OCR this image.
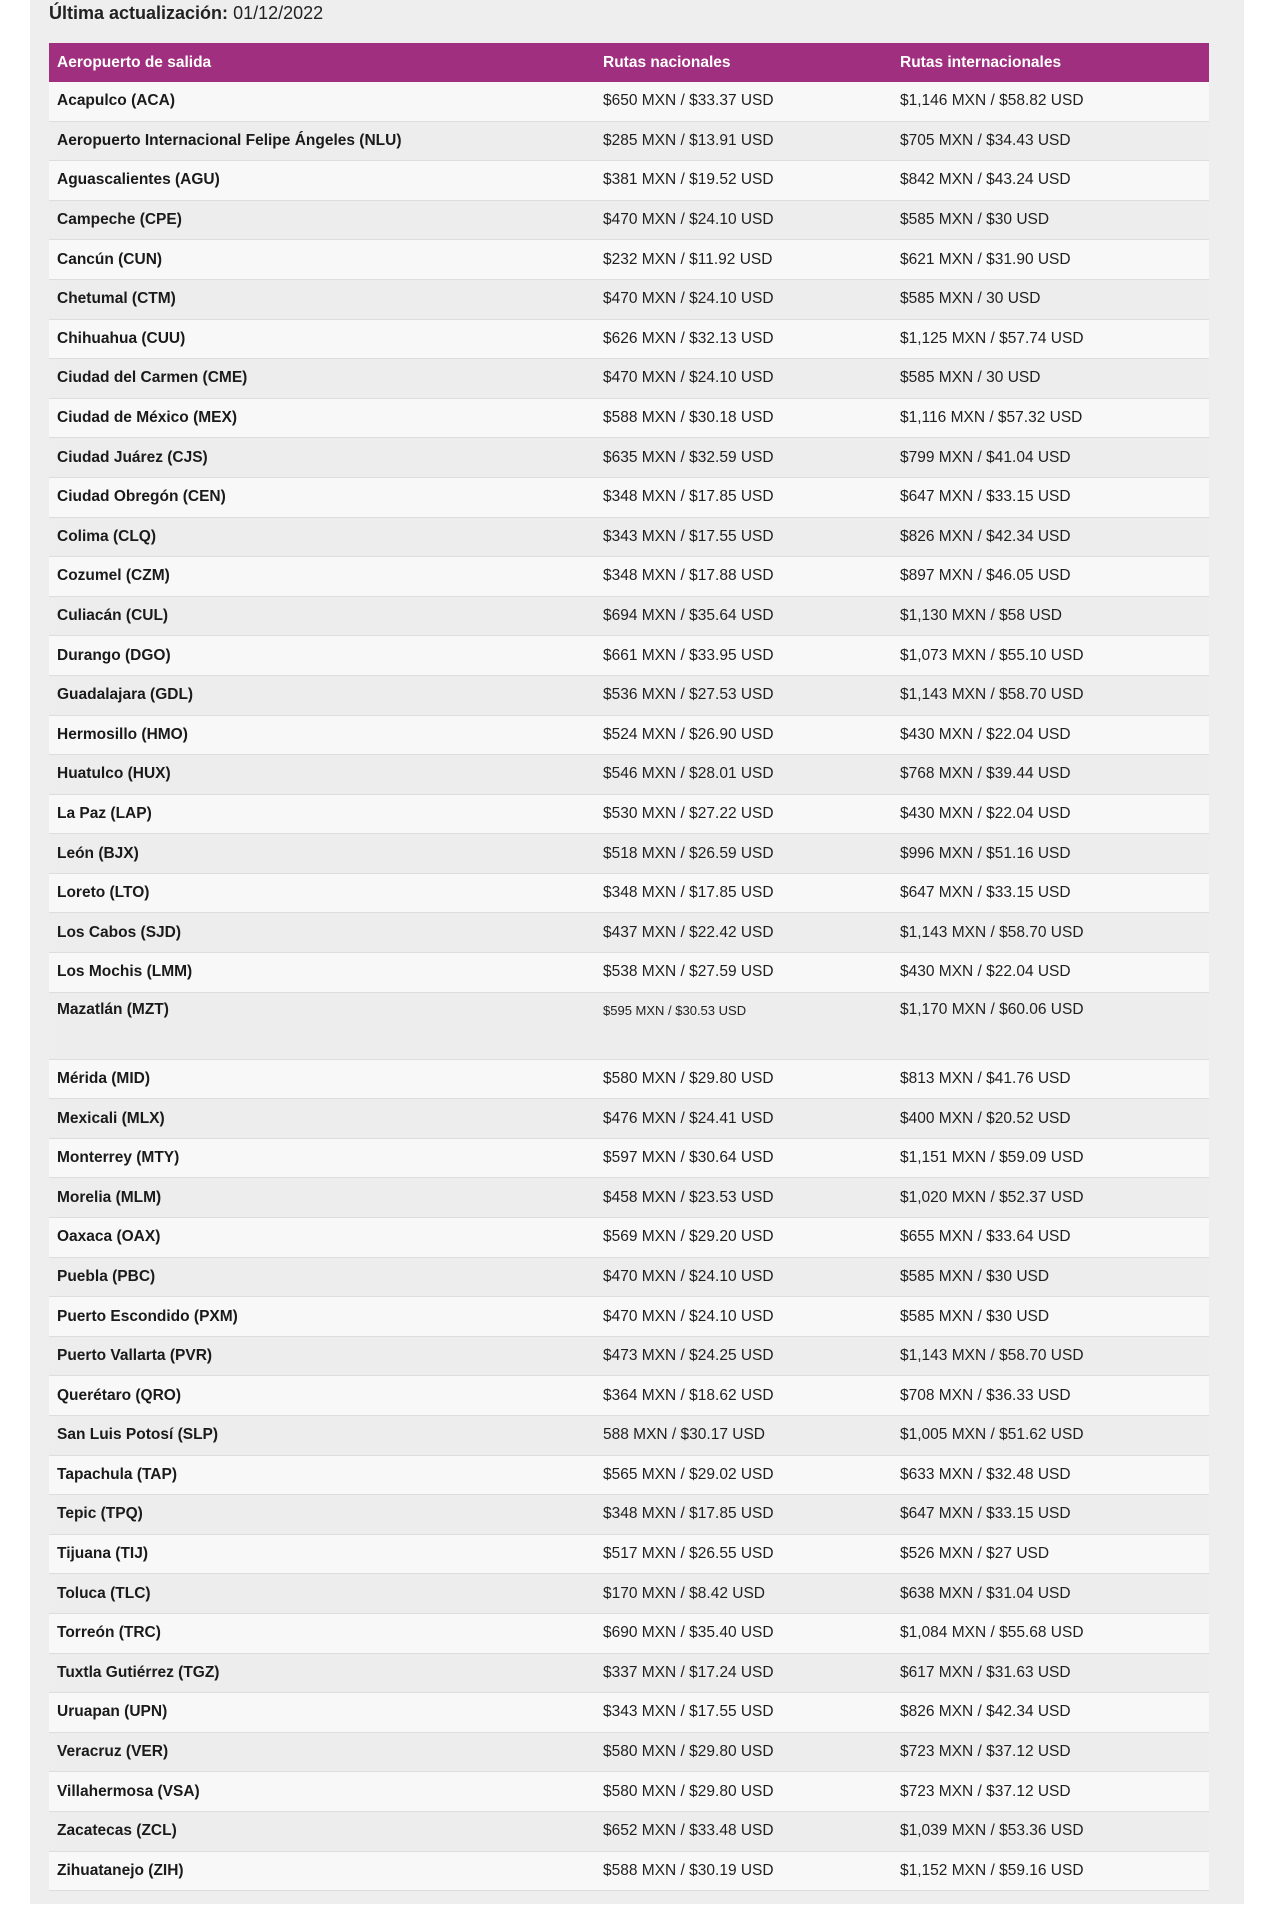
Última actualización: 01/12/2022
Aeropuerto de salida	Rutas nacionales	Rutas internacionales
Acapulco (ACA)	$650 MXN / $33.37 USD	$1,146 MXN / $58.82 USD
Aeropuerto Internacional Felipe Ángeles (NLU)	$285 MXN / $13.91 USD	$705 MXN / $34.43 USD
Aguascalientes (AGU)	$381 MXN / $19.52 USD	$842 MXN / $43.24 USD
Campeche (CPE)	$470 MXN / $24.10 USD	$585 MXN / $30 USD
Cancún (CUN)	$232 MXN / $11.92 USD	$621 MXN / $31.90 USD
Chetumal (CTM)	$470 MXN / $24.10 USD	$585 MXN / 30 USD
Chihuahua (CUU)	$626 MXN / $32.13 USD	$1,125 MXN / $57.74 USD
Ciudad del Carmen (CME)	$470 MXN / $24.10 USD	$585 MXN / 30 USD
Ciudad de México (MEX)	$588 MXN / $30.18 USD	$1,116 MXN / $57.32 USD
Ciudad Juárez (CJS)	$635 MXN / $32.59 USD	$799 MXN / $41.04 USD
Ciudad Obregón (CEN)	$348 MXN / $17.85 USD	$647 MXN / $33.15 USD
Colima (CLQ)	$343 MXN / $17.55 USD	$826 MXN / $42.34 USD
Cozumel (CZM)	$348 MXN / $17.88 USD	$897 MXN / $46.05 USD
Culiacán (CUL)	$694 MXN / $35.64 USD	$1,130 MXN / $58 USD
Durango (DGO)	$661 MXN / $33.95 USD	$1,073 MXN / $55.10 USD
Guadalajara (GDL)	$536 MXN / $27.53 USD	$1,143 MXN / $58.70 USD
Hermosillo (HMO)	$524 MXN / $26.90 USD	$430 MXN / $22.04 USD
Huatulco (HUX)	$546 MXN / $28.01 USD	$768 MXN / $39.44 USD
La Paz (LAP)	$530 MXN / $27.22 USD	$430 MXN / $22.04 USD
León (BJX)	$518 MXN / $26.59 USD	$996 MXN / $51.16 USD
Loreto (LTO)	$348 MXN / $17.85 USD	$647 MXN / $33.15 USD
Los Cabos (SJD)	$437 MXN / $22.42 USD	$1,143 MXN / $58.70 USD
Los Mochis (LMM)	$538 MXN / $27.59 USD	$430 MXN / $22.04 USD
Mazatlán (MZT)	$595 MXN / $30.53 USD	$1,170 MXN / $60.06 USD
Mérida (MID)	$580 MXN / $29.80 USD	$813 MXN / $41.76 USD
Mexicali (MLX)	$476 MXN / $24.41 USD	$400 MXN / $20.52 USD
Monterrey (MTY)	$597 MXN / $30.64 USD	$1,151 MXN / $59.09 USD
Morelia (MLM)	$458 MXN / $23.53 USD	$1,020 MXN / $52.37 USD
Oaxaca (OAX)	$569 MXN / $29.20 USD	$655 MXN / $33.64 USD
Puebla (PBC)	$470 MXN / $24.10 USD	$585 MXN / $30 USD
Puerto Escondido (PXM)	$470 MXN / $24.10 USD	$585 MXN / $30 USD
Puerto Vallarta (PVR)	$473 MXN / $24.25 USD	$1,143 MXN / $58.70 USD
Querétaro (QRO)	$364 MXN / $18.62 USD	$708 MXN / $36.33 USD
San Luis Potosí (SLP)	588 MXN / $30.17 USD	$1,005 MXN / $51.62 USD
Tapachula (TAP)	$565 MXN / $29.02 USD	$633 MXN / $32.48 USD
Tepic (TPQ)	$348 MXN / $17.85 USD	$647 MXN / $33.15 USD
Tijuana (TIJ)	$517 MXN / $26.55 USD	$526 MXN / $27 USD
Toluca (TLC)	$170 MXN / $8.42 USD	$638 MXN / $31.04 USD
Torreón (TRC)	$690 MXN / $35.40 USD	$1,084 MXN / $55.68 USD
Tuxtla Gutiérrez (TGZ)	$337 MXN / $17.24 USD	$617 MXN / $31.63 USD
Uruapan (UPN)	$343 MXN / $17.55 USD	$826 MXN / $42.34 USD
Veracruz (VER)	$580 MXN / $29.80 USD	$723 MXN / $37.12 USD
Villahermosa (VSA)	$580 MXN / $29.80 USD	$723 MXN / $37.12 USD
Zacatecas (ZCL)	$652 MXN / $33.48 USD	$1,039 MXN / $53.36 USD
Zihuatanejo (ZIH)	$588 MXN / $30.19 USD	$1,152 MXN / $59.16 USD
